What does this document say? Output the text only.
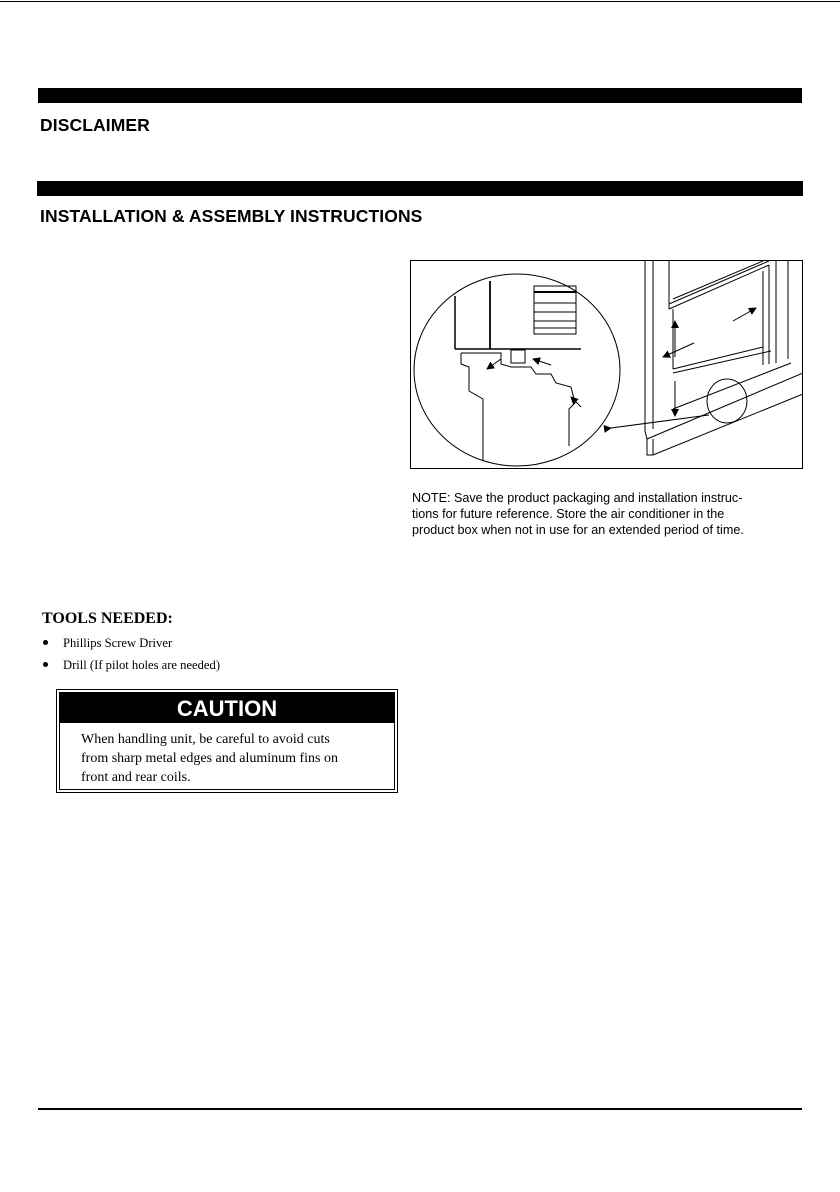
DISCLAIMER
INSTALLATION & ASSEMBLY INSTRUCTIONS
NOTE: Save the product packaging and installation instruc-
tions for future reference. Store the air conditioner in the
product box when not in use for an extended period of time.
TOOLS NEEDED:
Phillips Screw Driver
Drill (If pilot holes are needed)
CAUTION
When handling unit, be careful to avoid cuts
from sharp metal edges and aluminum fins on
front and rear coils.
